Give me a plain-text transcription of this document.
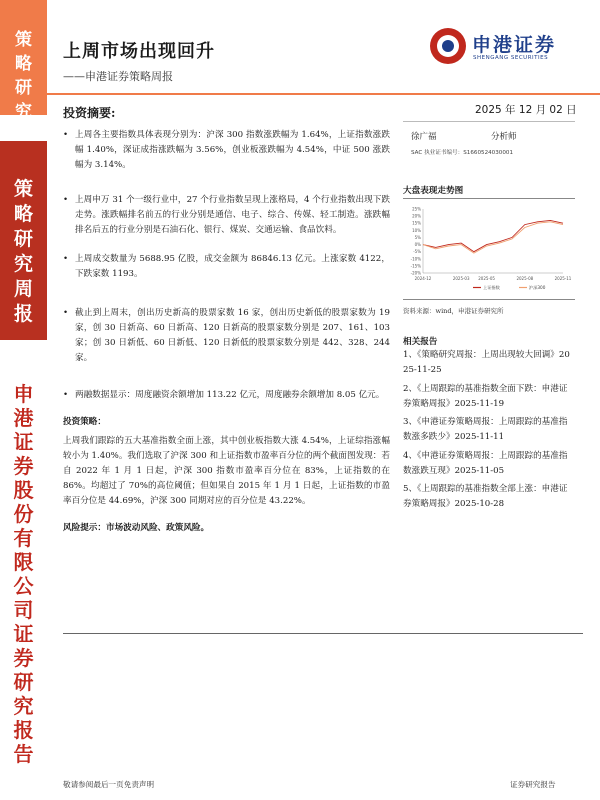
策
略
研
究
策
略
研
究
周
报
申
港
证
券
股
份
有
限
公
司
证
券
研
究
报
告
上周市场出现回升
——申港证券策略周报
申港证券
SHENGANG SECURITIES
投资摘要:
• 上周各主要指数具体表现分别为：沪深 300 指数涨跌幅为 1.64%，上证指数涨跌幅 1.40%，深证成指涨跌幅为 3.56%，创业板涨跌幅为 4.54%，中证 500 涨跌幅为 3.14%。
• 上周申万 31 个一级行业中，27 个行业指数呈现上涨格局，4 个行业指数出现下跌走势。涨跌幅排名前五的行业分别是通信、电子、综合、传媒、轻工制造。涨跌幅排名后五的行业分别是石油石化、银行、煤炭、交通运输、食品饮料。
• 上周成交数量为 5688.95 亿股，成交金额为 86846.13 亿元。上涨家数 4122，下跌家数 1193。
• 截止到上周末，创出历史新高的股票家数 16 家，创出历史新低的股票家数为 19 家，创 30 日新高、60 日新高、120 日新高的股票家数分别是 207、161、103 家；创 30 日新低、60 日新低、120 日新低的股票家数分别是 442、328、244 家。
• 两融数据显示：周度融资余额增加 113.22 亿元，周度融券余额增加 8.05 亿元。
投资策略：
上周我们跟踪的五大基准指数全面上涨，其中创业板指数大涨 4.54%，上证综指涨幅较小为 1.40%。我们选取了沪深 300 和上证指数市盈率百分位的两个截面图发现：若自 2022 年 1 月 1 日起，沪深 300 指数市盈率百分位在 83%，上证指数的在 86%。均超过了 70%的高位阈值；但如果自 2015 年 1 月 1 日起，上证指数的市盈率百分位是 44.69%，沪深 300 同期对应的百分位是 43.22%。
风险提示：市场波动风险、政策风险。
2025 年 12 月 02 日
徐广福	分析师
SAC 执业证书编号：S1660524030001
大盘表现走势图
25%
20%
15%
10%
5%
0%
-5%
-10%
-15%
-20%
2024-12	2025-03 2025-05	2025-08	2025-11
上证指数	沪深300
资料来源：wind，申港证券研究所
相关报告
1、《策略研究周报：上周出现较大回调》2025-11-25
2、《上周跟踪的基准指数全面下跌：申港证券策略周报》2025-11-19
3、《申港证券策略周报：上周跟踪的基准指数涨多跌少》2025-11-11
4、《申港证券策略周报：上周跟踪的基准指数涨跌互现》2025-11-05
5、《上周跟踪的基准指数全部上涨：申港证券策略周报》2025-10-28
敬请参阅最后一页免责声明	证券研究报告
